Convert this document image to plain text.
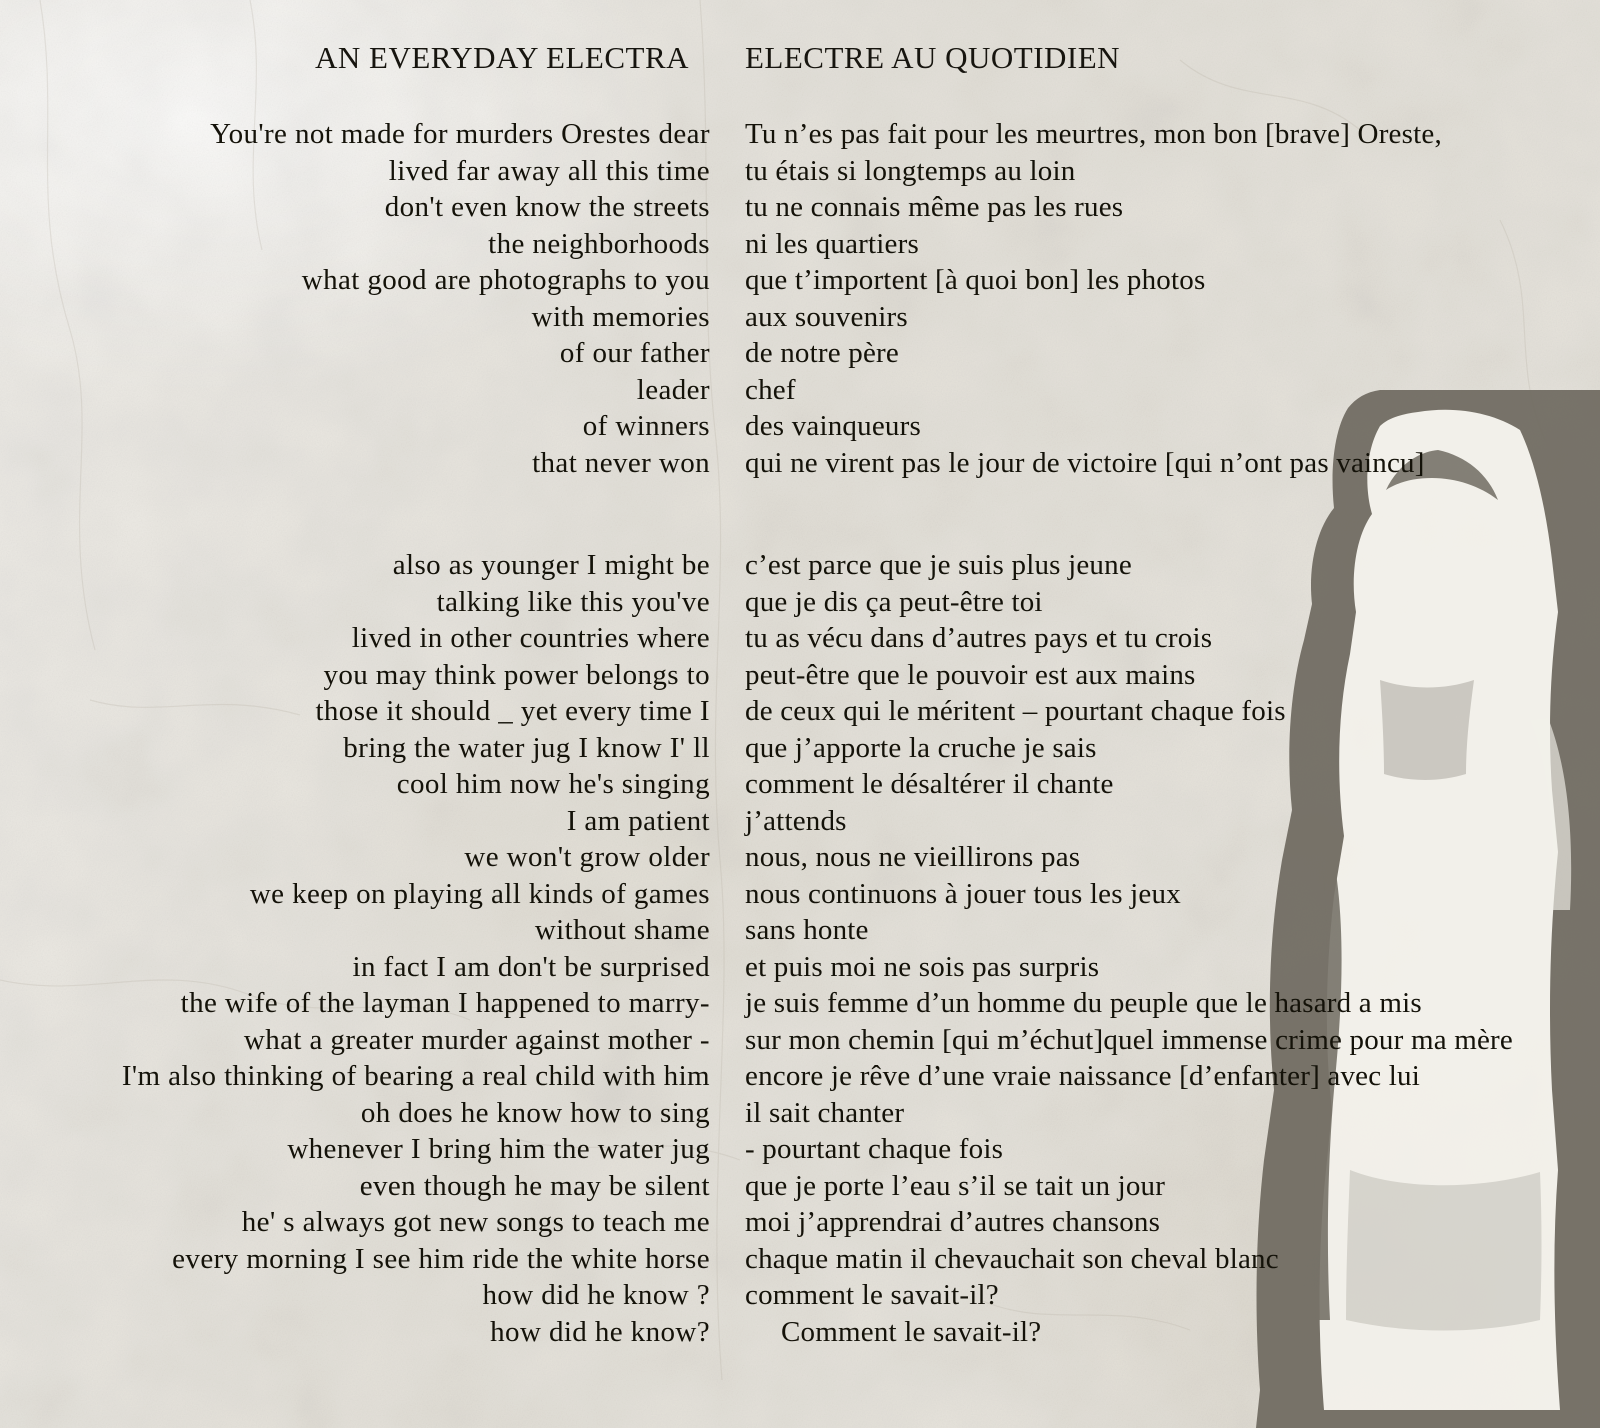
AN EVERYDAY ELECTRA
You're not made for murders Orestes dear
lived far away all this time
don't even know the streets
the neighborhoods
what good are photographs to you
with memories
of our father
leader
of winners
that never won
also as younger I might be
talking like this you've
lived in other countries where
you may think power belongs to
those it should _ yet every time I
bring the water jug I know I' ll
cool him now he's singing
I am patient
we won't grow older
we keep on playing all kinds of games
without shame
in fact I am don't be surprised
the wife of the layman I happened to marry-
what a greater murder against mother -
I'm also thinking of bearing a real child with him
oh does he know how to sing
whenever I bring him the water jug
even though he may be silent
he' s always got new songs to teach me
every morning I see him ride the white horse
how did he know ?
how did he know?
ELECTRE AU QUOTIDIEN
Tu n’es pas fait pour les meurtres, mon bon [brave] Oreste,
tu étais si longtemps au loin
tu ne connais même pas les rues
ni les quartiers
que t’importent [à quoi bon] les photos
aux souvenirs
de notre père
chef
des vainqueurs
qui ne virent pas le jour de victoire [qui n’ont pas vaincu]
c’est parce que je suis plus jeune
que je dis ça peut-être toi
tu as vécu dans d’autres pays et tu crois
peut-être que le pouvoir est aux mains
de ceux qui le méritent – pourtant chaque fois
que j’apporte la cruche je sais
comment le désaltérer il chante
j’attends
nous, nous ne vieillirons pas
nous continuons à jouer tous les jeux
sans honte
et puis moi ne sois pas surpris
je suis femme d’un homme du peuple que le hasard a mis
sur mon chemin [qui m’échut]quel immense crime pour ma mère
encore je rêve d’une vraie naissance [d’enfanter] avec lui
il sait chanter
- pourtant chaque fois
que je porte l’eau s’il se tait un jour
moi j’apprendrai d’autres chansons
chaque matin il chevauchait son cheval blanc
comment le savait-il?
Comment le savait-il?
